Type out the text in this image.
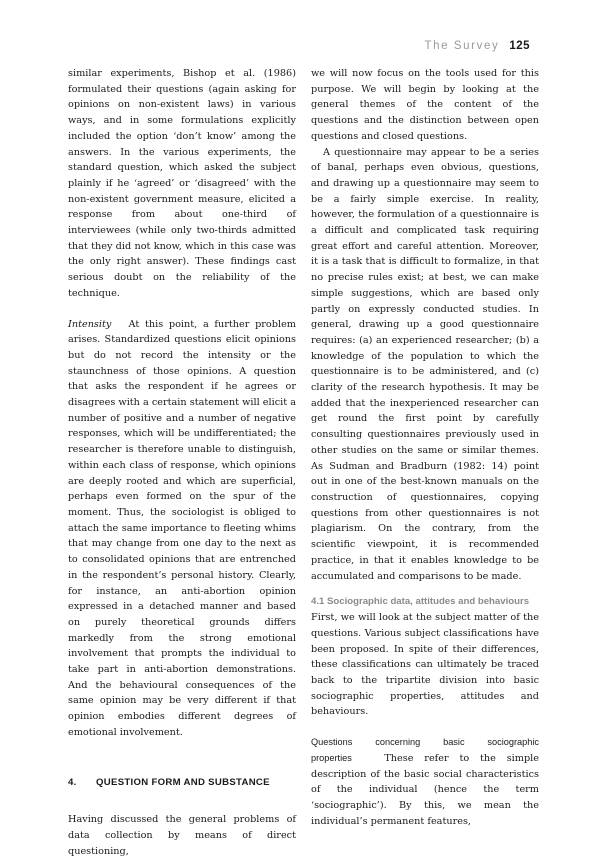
The Survey 125

similar experiments, Bishop et al. (1986) formulated their questions (again asking for opinions on non-existent laws) in various ways, and in some formulations explicitly included the option ‘don’t know’ among the answers. In the various experiments, the standard question, which asked the subject plainly if he ‘agreed’ or ‘disagreed’ with the non-existent government measure, elicited a response from about one-third of interviewees (while only two-thirds admitted that they did not know, which in this case was the only right answer). These findings cast serious doubt on the reliability of the technique.

Intensity At this point, a further problem arises. Standardized questions elicit opinions but do not record the intensity or the staunchness of those opinions. A question that asks the respondent if he agrees or disagrees with a certain statement will elicit a number of positive and a number of negative responses, which will be undifferentiated; the researcher is therefore unable to distinguish, within each class of response, which opinions are deeply rooted and which are superficial, perhaps even formed on the spur of the moment. Thus, the sociologist is obliged to attach the same importance to fleeting whims that may change from one day to the next as to consolidated opinions that are entrenched in the respondent’s personal history. Clearly, for instance, an anti-abortion opinion expressed in a detached manner and based on purely theoretical grounds differs markedly from the strong emotional involvement that prompts the individual to take part in anti-abortion demonstrations. And the behavioural consequences of the same opinion may be very different if that opinion embodies different degrees of emotional involvement.

4. QUESTION FORM AND SUBSTANCE

Having discussed the general problems of data collection by means of direct questioning,

we will now focus on the tools used for this purpose. We will begin by looking at the general themes of the content of the questions and the distinction between open questions and closed questions.

A questionnaire may appear to be a series of banal, perhaps even obvious, questions, and drawing up a questionnaire may seem to be a fairly simple exercise. In reality, however, the formulation of a questionnaire is a difficult and complicated task requiring great effort and careful attention. Moreover, it is a task that is difficult to formalize, in that no precise rules exist; at best, we can make simple suggestions, which are based only partly on expressly conducted studies. In general, drawing up a good questionnaire requires: (a) an experienced researcher; (b) a knowledge of the population to which the questionnaire is to be administered, and (c) clarity of the research hypothesis. It may be added that the inexperienced researcher can get round the first point by carefully consulting questionnaires previously used in other studies on the same or similar themes. As Sudman and Bradburn (1982: 14) point out in one of the best-known manuals on the construction of questionnaires, copying questions from other questionnaires is not plagiarism. On the contrary, from the scientific viewpoint, it is recommended practice, in that it enables knowledge to be accumulated and comparisons to be made.

4.1 Sociographic data, attitudes and behaviours

First, we will look at the subject matter of the questions. Various subject classifications have been proposed. In spite of their differences, these classifications can ultimately be traced back to the tripartite division into basic sociographic properties, attitudes and behaviours.

Questions concerning basic sociographic properties	These refer to the simple description of the basic social characteristics of the individual (hence the term ‘sociographic’). By this, we mean the individual’s permanent features,
